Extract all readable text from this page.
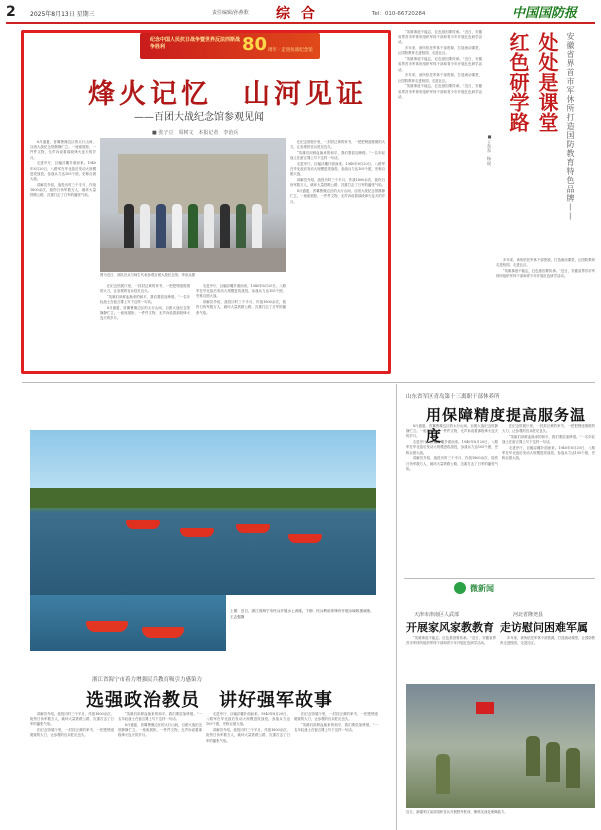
2 2025年8月13日 星期三	责任编辑/孙燕歌 综 合	Tel：010-66720284	中国国防报
纪念中国人民抗日战争暨世界反法西斯战争胜利	80 周年 · 走进抗战纪念馆
烽火记忆　山河见证
——百团大战纪念馆参观见闻
■ 张子豆　周树文　本报记者　李治兵

8月盛夏，晋冀鲁豫边区的太行山间，百团大战纪念馆静静伫立。一座座展柜、一件件文物，无声诉说着那段烽火连天的岁月。

走进序厅，巨幅浮雕扑面而来。1940年8月20日，八路军在华北敌后发动大规模进攻战役，参战兵力达105个团，史称百团大战。

讲解员介绍，战役历时三个半月，作战1800余次，毙伤日伪军数万人，破坏大量铁路公路，沉重打击了日军的嚣张气焰。

图为近日，部队官兵与师生代表参观百团大战纪念馆。李治兵摄

在纪念馆展厅里，一封封泛黄的家书、一把把锈迹斑斑的大刀，让参观的官兵驻足良久。

“英雄们用鲜血换来的和平，我们要倍加珍惜。”一名年轻战士在留言簿上写下这样一句话。

8月盛夏，晋冀鲁豫边区的太行山间，百团大战纪念馆静静伫立。一座座展柜、一件件文物，无声诉说着那段烽火连天的岁月。

走进序厅，巨幅浮雕扑面而来。1940年8月20日，八路军在华北敌后发动大规模进攻战役，参战兵力达105个团，史称百团大战。

讲解员介绍，战役历时三个半月，作战1800余次，毙伤日伪军数万人，破坏大量铁路公路，沉重打击了日军的嚣张气焰。

在纪念馆展厅里，一封封泛黄的家书、一把把锈迹斑斑的大刀，让参观的官兵驻足良久。

“英雄们用鲜血换来的和平，我们要倍加珍惜。”一名年轻战士在留言簿上写下这样一句话。

走进序厅，巨幅浮雕扑面而来。1940年8月20日，八路军在华北敌后发动大规模进攻战役，参战兵力达105个团，史称百团大战。

讲解员介绍，战役历时三个半月，作战1800余次，毙伤日伪军数万人，破坏大量铁路公路，沉重打击了日军的嚣张气焰。

8月盛夏，晋冀鲁豫边区的太行山间，百团大战纪念馆静静伫立。一座座展柜、一件件文物，无声诉说着那段烽火连天的岁月。

“英雄事迹不能忘，红色基因要传承。”近日，安徽省界首市军休所组织军休干部和青少年开展红色研学活动。

多年来，该所依托军休干部资源，打造流动课堂，让国防教育走进校园、走进社区。

“英雄事迹不能忘，红色基因要传承。”近日，安徽省界首市军休所组织军休干部和青少年开展红色研学活动。

多年来，该所依托军休干部资源，打造流动课堂，让国防教育走进校园、走进社区。

“英雄事迹不能忘，红色基因要传承。”近日，安徽省界首市军休所组织军休干部和青少年开展红色研学活动。	红色研学路 处处是课堂 安徽省界首市军休所打造国防教育特色品牌——
■ 王东东　杨 权

多年来，该所依托军休干部资源，打造流动课堂，让国防教育走进校园、走进社区。

“英雄事迹不能忘，红色基因要传承。”近日，安徽省界首市军休所组织军休干部和青少年开展红色研学活动。

山东省军区青岛第十三离职干部休养所
用保障精度提高服务温度

8月盛夏，晋冀鲁豫边区的太行山间，百团大战纪念馆静静伫立。一座座展柜、一件件文物，无声诉说着那段烽火连天的岁月。

走进序厅，巨幅浮雕扑面而来。1940年8月20日，八路军在华北敌后发动大规模进攻战役，参战兵力达105个团，史称百团大战。

讲解员介绍，战役历时三个半月，作战1800余次，毙伤日伪军数万人，破坏大量铁路公路，沉重打击了日军的嚣张气焰。

在纪念馆展厅里，一封封泛黄的家书、一把把锈迹斑斑的大刀，让参观的官兵驻足良久。

“英雄们用鲜血换来的和平，我们要倍加珍惜。”一名年轻战士在留言簿上写下这样一句话。

走进序厅，巨幅浮雕扑面而来。1940年8月20日，八路军在华北敌后发动大规模进攻战役，参战兵力达105个团，史称百团大战。

上图：近日，浙江省海宁市民兵开展水上训练。下图：民兵利用冲锋舟开展水域救援演练。王志强摄
浙江省海宁市着力增强民兵教育吸引力感染力
选强政治教员　讲好强军故事

讲解员介绍，战役历时三个半月，作战1800余次，毙伤日伪军数万人，破坏大量铁路公路，沉重打击了日军的嚣张气焰。

在纪念馆展厅里，一封封泛黄的家书、一把把锈迹斑斑的大刀，让参观的官兵驻足良久。

“英雄们用鲜血换来的和平，我们要倍加珍惜。”一名年轻战士在留言簿上写下这样一句话。

8月盛夏，晋冀鲁豫边区的太行山间，百团大战纪念馆静静伫立。一座座展柜、一件件文物，无声诉说着那段烽火连天的岁月。

走进序厅，巨幅浮雕扑面而来。1940年8月20日，八路军在华北敌后发动大规模进攻战役，参战兵力达105个团，史称百团大战。

讲解员介绍，战役历时三个半月，作战1800余次，毙伤日伪军数万人，破坏大量铁路公路，沉重打击了日军的嚣张气焰。

在纪念馆展厅里，一封封泛黄的家书、一把把锈迹斑斑的大刀，让参观的官兵驻足良久。

“英雄们用鲜血换来的和平，我们要倍加珍惜。”一名年轻战士在留言簿上写下这样一句话。

微新闻
天津市津南区人武部
开展家风家教教育
河北省隆尧县
走访慰问困难军属

“英雄事迹不能忘，红色基因要传承。”近日，安徽省界首市军休所组织军休干部和青少年开展红色研学活动。

多年来，该所依托军休干部资源，打造流动课堂，让国防教育走进校园、走进社区。

近日，新疆军区某部组织官兵开展野外驻训，锤炼实战化保障能力。
